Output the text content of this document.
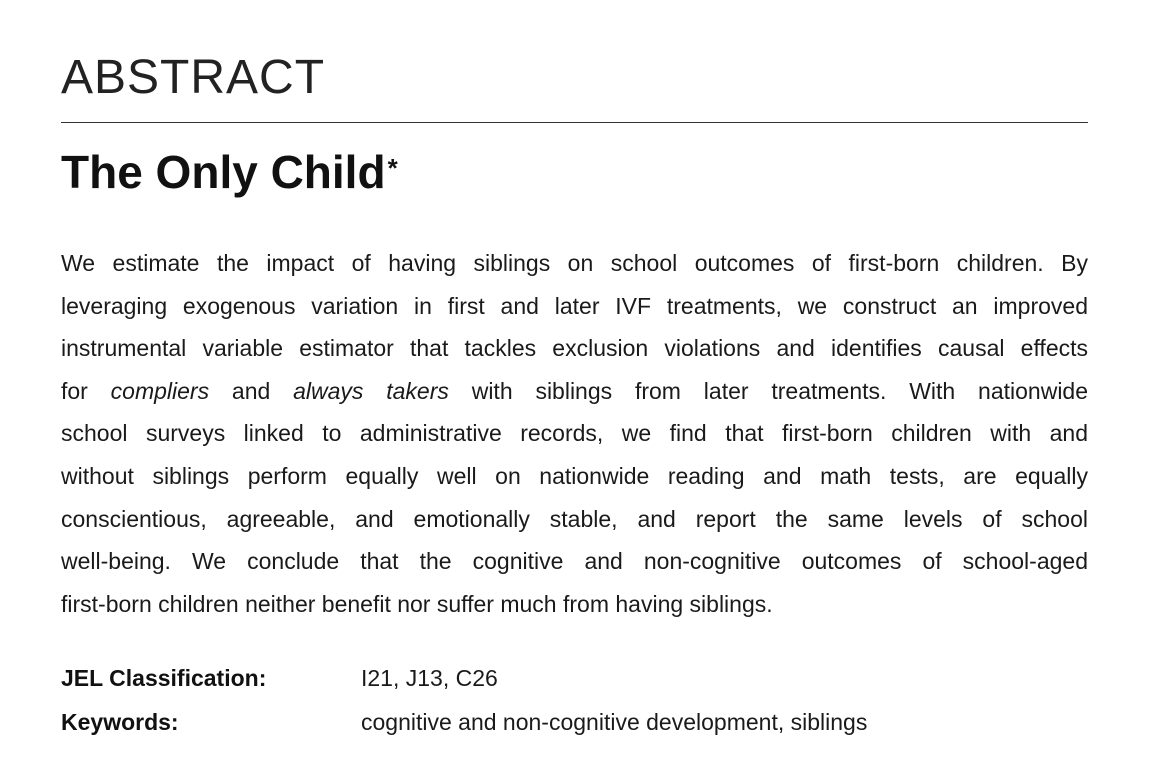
ABSTRACT
The Only Child*
We estimate the impact of having siblings on school outcomes of first-born children. By
leveraging exogenous variation in first and later IVF treatments, we construct an improved
instrumental variable estimator that tackles exclusion violations and identifies causal effects
for compliers and always takers with siblings from later treatments. With nationwide
school surveys linked to administrative records, we find that first-born children with and
without siblings perform equally well on nationwide reading and math tests, are equally
conscientious, agreeable, and emotionally stable, and report the same levels of school
well-being. We conclude that the cognitive and non-cognitive outcomes of school-aged
first-born children neither benefit nor suffer much from having siblings.
JEL Classification:	I21, J13, C26
Keywords:	cognitive and non-cognitive development, siblings
